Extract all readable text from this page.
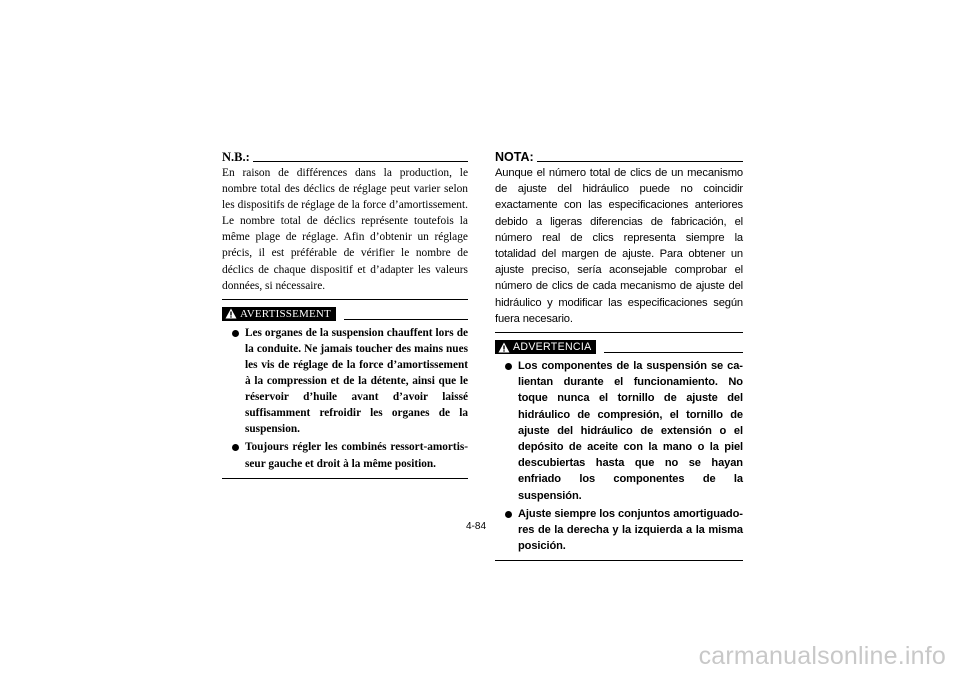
N.B.:

En raison de différences dans la production, le nombre total des déclics de réglage peut varier selon les dispositifs de réglage de la force d’amortissement. Le nombre total de déclics représente toutefois la même plage de réglage. Afin d’obtenir un réglage précis, il est préférable de vérifier le nombre de déclics de chaque dispositif et d’adapter les valeurs données, si nécessaire.

AVERTISSEMENT
Les organes de la suspension chauffent lors de la conduite. Ne jamais toucher des mains nues les vis de réglage de la force d’amortissement à la compression et de la détente, ainsi que le réservoir d’huile avant d’avoir laissé suffisamment refroidir les organes de la suspension.
Toujours régler les combinés ressort-amortisseur gauche et droit à la même position.
NOTA:

Aunque el número total de clics de un mecanismo de ajuste del hidráulico puede no coincidir exactamente con las especificaciones anteriores debido a ligeras diferencias de fabricación, el número real de clics representa siempre la totalidad del margen de ajuste. Para obtener un ajuste preciso, sería aconsejable comprobar el número de clics de cada mecanismo de ajuste del hidráulico y modificar las especificaciones según fuera necesario.

ADVERTENCIA
Los componentes de la suspensión se calientan durante el funcionamiento. No toque nunca el tornillo de ajuste del hidráulico de compresión, el tornillo de ajuste del hidráulico de extensión o el depósito de aceite con la mano o la piel descubiertas hasta que no se hayan enfriado los componentes de la suspensión.
Ajuste siempre los conjuntos amortiguadores de la derecha y la izquierda a la misma posición.
4-84
carmanualsonline.info
